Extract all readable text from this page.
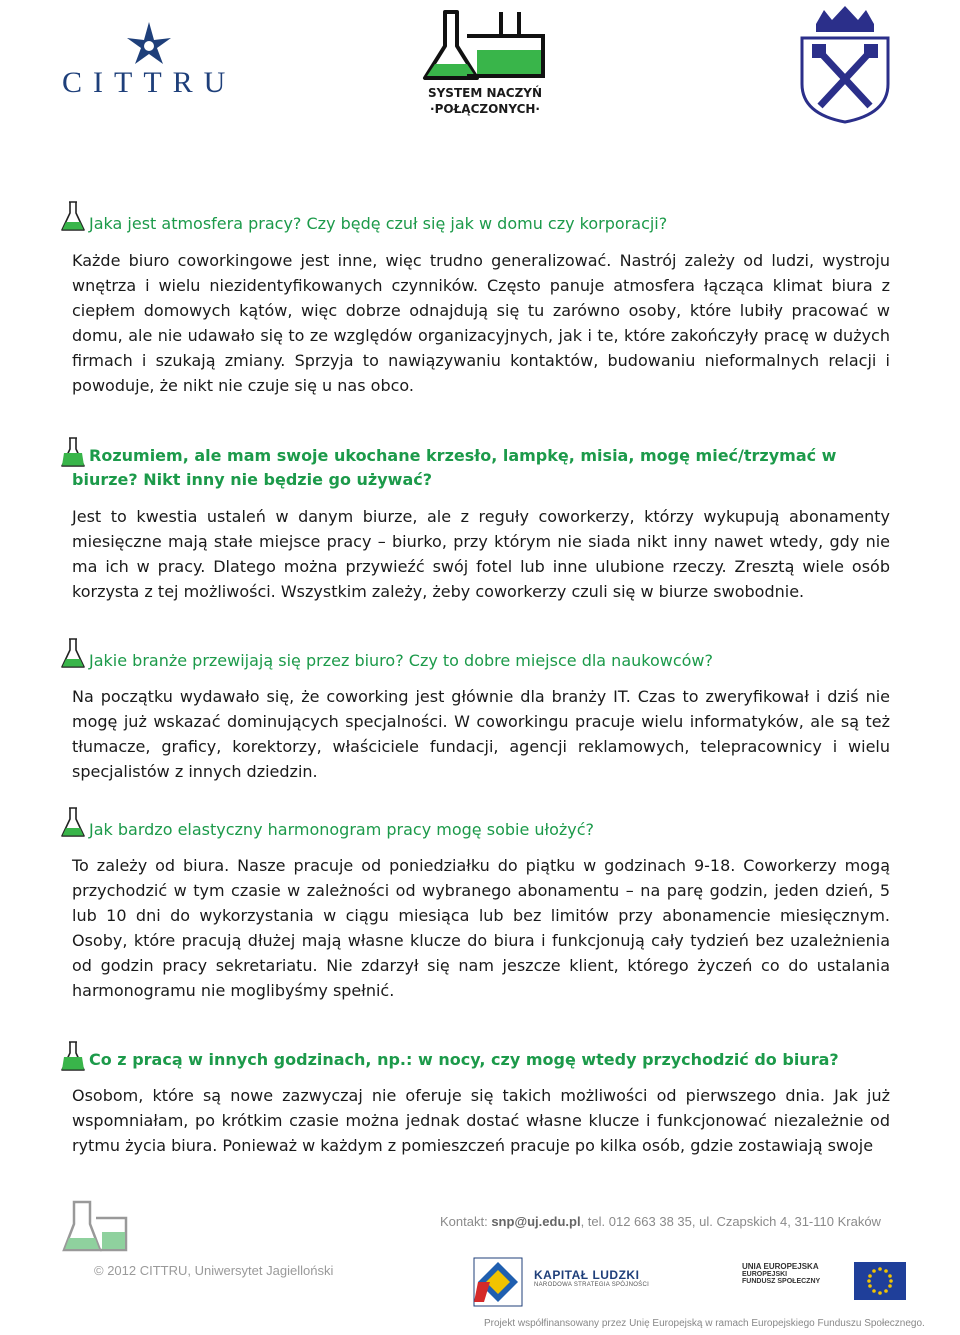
CITTRU	SYSTEM NACZYŃ
·POŁĄCZONYCH·
Jaka jest atmosfera pracy? Czy będę czuł się jak w domu czy korporacji?
Każde biuro coworkingowe jest inne, więc trudno generalizować. Nastrój zależy od ludzi, wystroju wnętrza i wielu niezidentyfikowanych czynników. Często panuje atmosfera łącząca klimat biura z ciepłem domowych kątów, więc dobrze odnajdują się tu zarówno osoby, które lubiły pracować w domu, ale nie udawało się to ze względów organizacyjnych, jak i te, które zakończyły pracę w dużych firmach i szukają zmiany. Sprzyja to nawiązywaniu kontaktów, budowaniu nieformalnych relacji i powoduje, że nikt nie czuje się u nas obco.
Rozumiem, ale mam swoje ukochane krzesło, lampkę, misia, mogę mieć/trzymać w biurze? Nikt inny nie będzie go używać?
Jest to kwestia ustaleń w danym biurze, ale z reguły coworkerzy, którzy wykupują abonamenty miesięczne mają stałe miejsce pracy – biurko, przy którym nie siada nikt inny nawet wtedy, gdy nie ma ich w pracy. Dlatego można przywieźć swój fotel lub inne ulubione rzeczy. Zresztą wiele osób korzysta z tej możliwości. Wszystkim zależy, żeby coworkerzy czuli się w biurze swobodnie.
Jakie branże przewijają się przez biuro? Czy to dobre miejsce dla naukowców?
Na początku wydawało się, że coworking jest głównie dla branży IT. Czas to zweryfikował i dziś nie mogę już wskazać dominujących specjalności. W coworkingu pracuje wielu informatyków, ale są też tłumacze, graficy, korektorzy, właściciele fundacji, agencji reklamowych, telepracownicy i wielu specjalistów z innych dziedzin.
Jak bardzo elastyczny harmonogram pracy mogę sobie ułożyć?
To zależy od biura. Nasze pracuje od poniedziałku do piątku w godzinach 9-18. Coworkerzy mogą przychodzić w tym czasie w zależności od wybranego abonamentu – na parę godzin, jeden dzień, 5 lub 10 dni do wykorzystania w ciągu miesiąca lub bez limitów przy abonamencie miesięcznym. Osoby, które pracują dłużej mają własne klucze do biura i funkcjonują cały tydzień bez uzależnienia od godzin pracy sekretariatu. Nie zdarzył się nam jeszcze klient, którego życzeń co do ustalania harmonogramu nie moglibyśmy spełnić.
Co z pracą w innych godzinach, np.: w nocy, czy mogę wtedy przychodzić do biura?
Osobom, które są nowe zazwyczaj nie oferuje się takich możliwości od pierwszego dnia. Jak już wspomniałam, po krótkim czasie można jednak dostać własne klucze i funkcjonować niezależnie od rytmu życia biura. Ponieważ w każdym z pomieszczeń pracuje po kilka osób, gdzie zostawiają swoje
Kontakt: snp@uj.edu.pl, tel. 012 663 38 35, ul. Czapskich 4, 31-110 Kraków
© 2012 CITTRU, Uniwersytet Jagielloński	KAPITAŁ LUDZKI
NARODOWA STRATEGIA SPÓJNOŚCI
UNIA EUROPEJSKA
EUROPEJSKI
FUNDUSZ SPOŁECZNY
Projekt współfinansowany przez Unię Europejską w ramach Europejskiego Funduszu Społecznego.
